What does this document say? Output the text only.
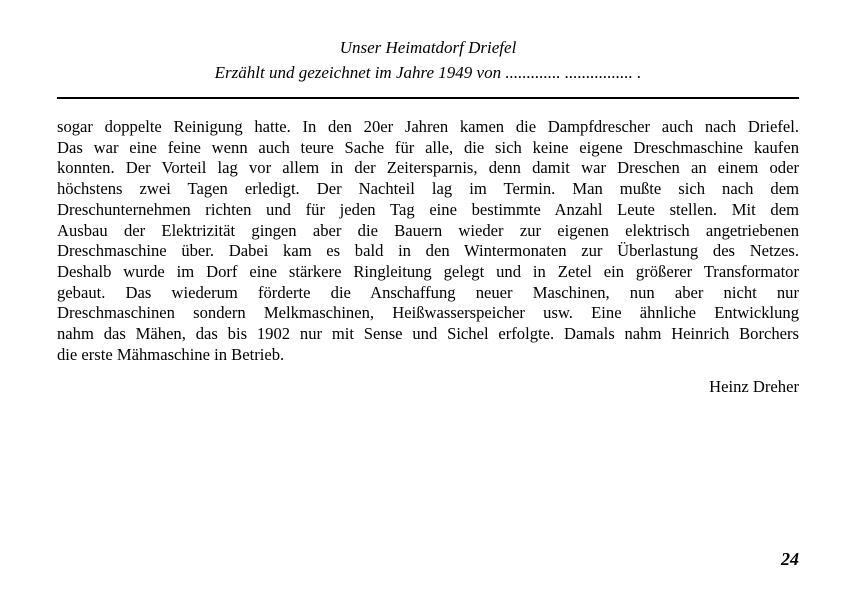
Unser Heimatdorf Driefel
Erzählt und gezeichnet im Jahre 1949 von ............. ................ .
sogar doppelte Reinigung hatte. In den 20er Jahren kamen die Dampfdrescher auch nach Driefel.
Das war eine feine wenn auch teure Sache für alle, die sich keine eigene Dreschmaschine kaufen
konnten. Der Vorteil lag vor allem in der Zeitersparnis, denn damit war Dreschen an einem oder
höchstens zwei Tagen erledigt. Der Nachteil lag im Termin. Man mußte sich nach dem
Dreschunternehmen richten und für jeden Tag eine bestimmte Anzahl Leute stellen. Mit dem
Ausbau der Elektrizität gingen aber die Bauern wieder zur eigenen elektrisch angetriebenen
Dreschmaschine über. Dabei kam es bald in den Wintermonaten zur Überlastung des Netzes.
Deshalb wurde im Dorf eine stärkere Ringleitung gelegt und in Zetel ein größerer Transformator
gebaut. Das wiederum förderte die Anschaffung neuer Maschinen, nun aber nicht nur
Dreschmaschinen sondern Melkmaschinen, Heißwasserspeicher usw. Eine ähnliche Entwicklung
nahm das Mähen, das bis 1902 nur mit Sense und Sichel erfolgte. Damals nahm Heinrich Borchers
die erste Mähmaschine in Betrieb.
Heinz Dreher
24
